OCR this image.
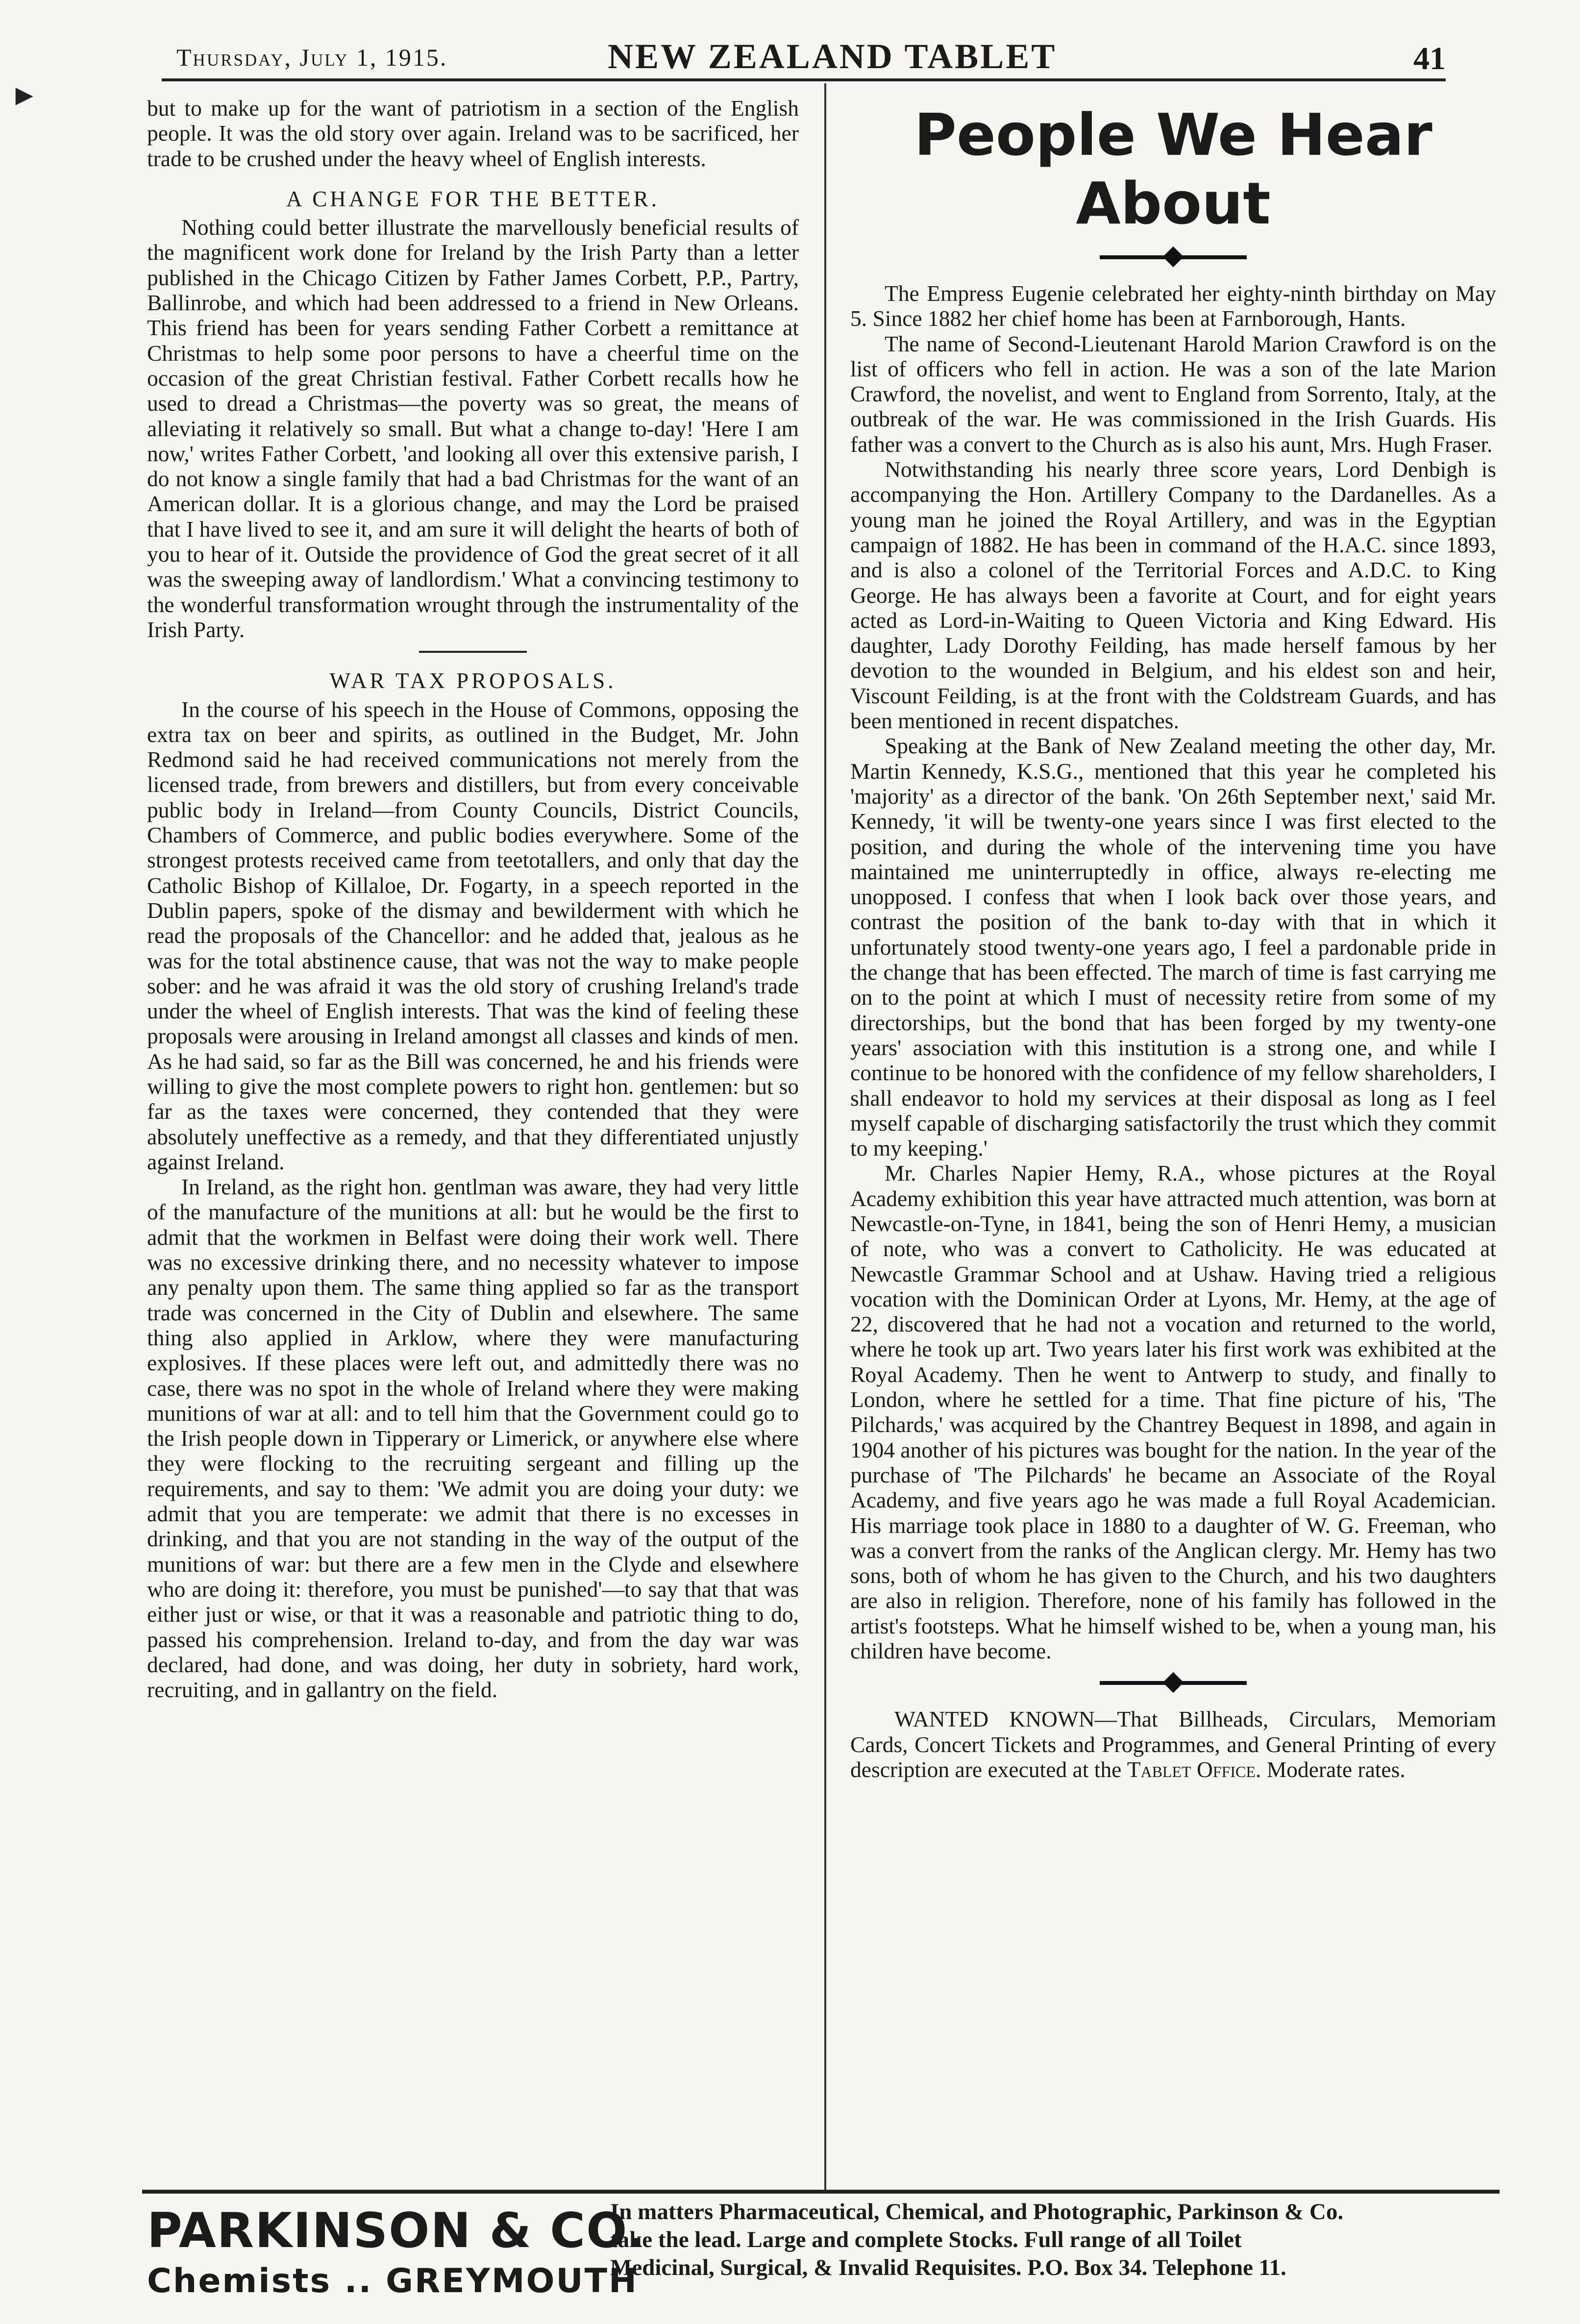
Thursday, July 1, 1915.	NEW ZEALAND TABLET	41
►	but to make up for the want of patriotism in a section of the English people. It was the old story over again. Ireland was to be sacrificed, her trade to be crushed under the heavy wheel of English interests.

A CHANGE FOR THE BETTER.

Nothing could better illustrate the marvellously beneficial results of the magnificent work done for Ireland by the Irish Party than a letter published in the Chicago Citizen by Father James Corbett, P.P., Partry, Ballinrobe, and which had been addressed to a friend in New Orleans. This friend has been for years sending Father Corbett a remittance at Christmas to help some poor persons to have a cheerful time on the occasion of the great Christian festival. Father Corbett recalls how he used to dread a Christmas—the poverty was so great, the means of alleviating it relatively so small. But what a change to-day! 'Here I am now,' writes Father Corbett, 'and looking all over this extensive parish, I do not know a single family that had a bad Christmas for the want of an American dollar. It is a glorious change, and may the Lord be praised that I have lived to see it, and am sure it will delight the hearts of both of you to hear of it. Outside the providence of God the great secret of it all was the sweeping away of landlordism.' What a convincing testimony to the wonderful transformation wrought through the instrumentality of the Irish Party.

WAR TAX PROPOSALS.

In the course of his speech in the House of Commons, opposing the extra tax on beer and spirits, as outlined in the Budget, Mr. John Redmond said he had received communications not merely from the licensed trade, from brewers and distillers, but from every conceivable public body in Ireland—from County Councils, District Councils, Chambers of Commerce, and public bodies everywhere. Some of the strongest protests received came from teetotallers, and only that day the Catholic Bishop of Killaloe, Dr. Fogarty, in a speech reported in the Dublin papers, spoke of the dismay and bewilderment with which he read the proposals of the Chancellor: and he added that, jealous as he was for the total abstinence cause, that was not the way to make people sober: and he was afraid it was the old story of crushing Ireland's trade under the wheel of English interests. That was the kind of feeling these proposals were arousing in Ireland amongst all classes and kinds of men. As he had said, so far as the Bill was concerned, he and his friends were willing to give the most complete powers to right hon. gentlemen: but so far as the taxes were concerned, they contended that they were absolutely uneffective as a remedy, and that they differentiated unjustly against Ireland.

In Ireland, as the right hon. gentlman was aware, they had very little of the manufacture of the munitions at all: but he would be the first to admit that the workmen in Belfast were doing their work well. There was no excessive drinking there, and no necessity whatever to impose any penalty upon them. The same thing applied so far as the transport trade was concerned in the City of Dublin and elsewhere. The same thing also applied in Arklow, where they were manufacturing explosives. If these places were left out, and admittedly there was no case, there was no spot in the whole of Ireland where they were making munitions of war at all: and to tell him that the Government could go to the Irish people down in Tipperary or Limerick, or anywhere else where they were flocking to the recruiting sergeant and filling up the requirements, and say to them: 'We admit you are doing your duty: we admit that you are temperate: we admit that there is no excesses in drinking, and that you are not standing in the way of the output of the munitions of war: but there are a few men in the Clyde and elsewhere who are doing it: therefore, you must be punished'—to say that that was either just or wise, or that it was a reasonable and patriotic thing to do, passed his comprehension. Ireland to-day, and from the day war was declared, had done, and was doing, her duty in sobriety, hard work, recruiting, and in gallantry on the field.

People We Hear About

The Empress Eugenie celebrated her eighty-ninth birthday on May 5. Since 1882 her chief home has been at Farnborough, Hants.

The name of Second-Lieutenant Harold Marion Crawford is on the list of officers who fell in action. He was a son of the late Marion Crawford, the novelist, and went to England from Sorrento, Italy, at the outbreak of the war. He was commissioned in the Irish Guards. His father was a convert to the Church as is also his aunt, Mrs. Hugh Fraser.

Notwithstanding his nearly three score years, Lord Denbigh is accompanying the Hon. Artillery Company to the Dardanelles. As a young man he joined the Royal Artillery, and was in the Egyptian campaign of 1882. He has been in command of the H.A.C. since 1893, and is also a colonel of the Territorial Forces and A.D.C. to King George. He has always been a favorite at Court, and for eight years acted as Lord-in-Waiting to Queen Victoria and King Edward. His daughter, Lady Dorothy Feilding, has made herself famous by her devotion to the wounded in Belgium, and his eldest son and heir, Viscount Feilding, is at the front with the Coldstream Guards, and has been mentioned in recent dispatches.

Speaking at the Bank of New Zealand meeting the other day, Mr. Martin Kennedy, K.S.G., mentioned that this year he completed his 'majority' as a director of the bank. 'On 26th September next,' said Mr. Kennedy, 'it will be twenty-one years since I was first elected to the position, and during the whole of the intervening time you have maintained me uninterruptedly in office, always re-electing me unopposed. I confess that when I look back over those years, and contrast the position of the bank to-day with that in which it unfortunately stood twenty-one years ago, I feel a pardonable pride in the change that has been effected. The march of time is fast carrying me on to the point at which I must of necessity retire from some of my directorships, but the bond that has been forged by my twenty-one years' association with this institution is a strong one, and while I continue to be honored with the confidence of my fellow shareholders, I shall endeavor to hold my services at their disposal as long as I feel myself capable of discharging satisfactorily the trust which they commit to my keeping.'

Mr. Charles Napier Hemy, R.A., whose pictures at the Royal Academy exhibition this year have attracted much attention, was born at Newcastle-on-Tyne, in 1841, being the son of Henri Hemy, a musician of note, who was a convert to Catholicity. He was educated at Newcastle Grammar School and at Ushaw. Having tried a religious vocation with the Dominican Order at Lyons, Mr. Hemy, at the age of 22, discovered that he had not a vocation and returned to the world, where he took up art. Two years later his first work was exhibited at the Royal Academy. Then he went to Antwerp to study, and finally to London, where he settled for a time. That fine picture of his, 'The Pilchards,' was acquired by the Chantrey Bequest in 1898, and again in 1904 another of his pictures was bought for the nation. In the year of the purchase of 'The Pilchards' he became an Associate of the Royal Academy, and five years ago he was made a full Royal Academician. His marriage took place in 1880 to a daughter of W. G. Freeman, who was a convert from the ranks of the Anglican clergy. Mr. Hemy has two sons, both of whom he has given to the Church, and his two daughters are also in religion. Therefore, none of his family has followed in the artist's footsteps. What he himself wished to be, when a young man, his children have become.

WANTED KNOWN—That Billheads, Circulars, Memoriam Cards, Concert Tickets and Programmes, and General Printing of every description are executed at the Tablet Office. Moderate rates.

PARKINSON & CO.
Chemists .. GREYMOUTH
In matters Pharmaceutical, Chemical, and Photographic, Parkinson & Co.
take the lead. Large and complete Stocks. Full range of all Toilet
Medicinal, Surgical, & Invalid Requisites. P.O. Box 34. Telephone 11.
